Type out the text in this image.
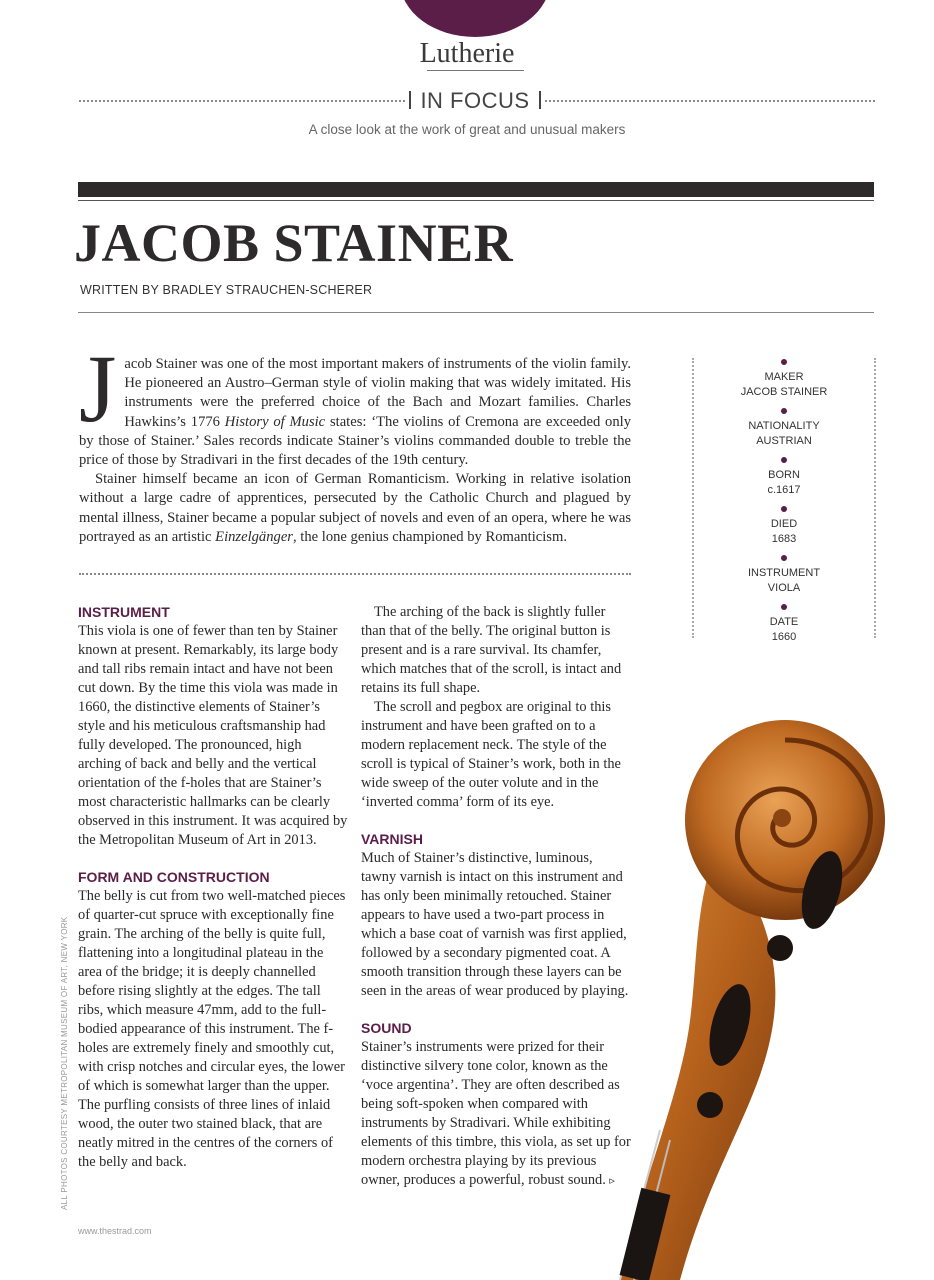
Lutherie
IN FOCUS
A close look at the work of great and unusual makers
JACOB STAINER
WRITTEN BY BRADLEY STRAUCHEN-SCHERER

Jacob Stainer was one of the most important makers of instruments of the violin family. He pioneered an Austro–German style of violin making that was widely imitated. His instruments were the preferred choice of the Bach and Mozart families. Charles Hawkins’s 1776 History of Music states: ‘The violins of Cremona are exceeded only by those of Stainer.’ Sales records indicate Stainer’s violins commanded double to treble the price of those by Stradivari in the first decades of the 19th century.

Stainer himself became an icon of German Romanticism. Working in relative isolation without a large cadre of apprentices, persecuted by the Catholic Church and plagued by mental illness, Stainer became a popular subject of novels and even of an opera, where he was portrayed as an artistic Einzelgänger, the lone genius championed by Romanticism.

INSTRUMENT

This viola is one of fewer than ten by Stainer known at present. Remarkably, its large body and tall ribs remain intact and have not been cut down. By the time this viola was made in 1660, the distinctive elements of Stainer’s style and his meticulous craftsmanship had fully developed. The pronounced, high arching of back and belly and the vertical orientation of the f-holes that are Stainer’s most characteristic hallmarks can be clearly observed in this instrument. It was acquired by the Metropolitan Museum of Art in 2013.

FORM AND CONSTRUCTION

The belly is cut from two well-matched pieces of quarter-cut spruce with exceptionally fine grain. The arching of the belly is quite full, flattening into a longitudinal plateau in the area of the bridge; it is deeply channelled before rising slightly at the edges. The tall ribs, which measure 47mm, add to the full-bodied appearance of this instrument. The f-holes are extremely finely and smoothly cut, with crisp notches and circular eyes, the lower of which is somewhat larger than the upper. The purfling consists of three lines of inlaid wood, the outer two stained black, that are neatly mitred in the centres of the corners of the belly and back.

The arching of the back is slightly fuller than that of the belly. The original button is present and is a rare survival. Its chamfer, which matches that of the scroll, is intact and retains its full shape.

The scroll and pegbox are original to this instrument and have been grafted on to a modern replacement neck. The style of the scroll is typical of Stainer’s work, both in the wide sweep of the outer volute and in the ‘inverted comma’ form of its eye.

VARNISH

Much of Stainer’s distinctive, luminous, tawny varnish is intact on this instrument and has only been minimally retouched. Stainer appears to have used a two-part process in which a base coat of varnish was first applied, followed by a secondary pigmented coat. A smooth transition through these layers can be seen in the areas of wear produced by playing.

SOUND

Stainer’s instruments were prized for their distinctive silvery tone color, known as the ‘voce argentina’. They are often described as being soft-spoken when compared with instruments by Stradivari. While exhibiting elements of this timbre, this viola, as set up for modern orchestra playing by its previous owner, produces a powerful, robust sound. ▹

MAKER
JACOB STAINER
NATIONALITY
AUSTRIAN
BORN
c.1617
DIED
1683
INSTRUMENT
VIOLA
DATE
1660
ALL PHOTOS COURTESY METROPOLITAN MUSEUM OF ART, NEW YORK
www.thestrad.com
